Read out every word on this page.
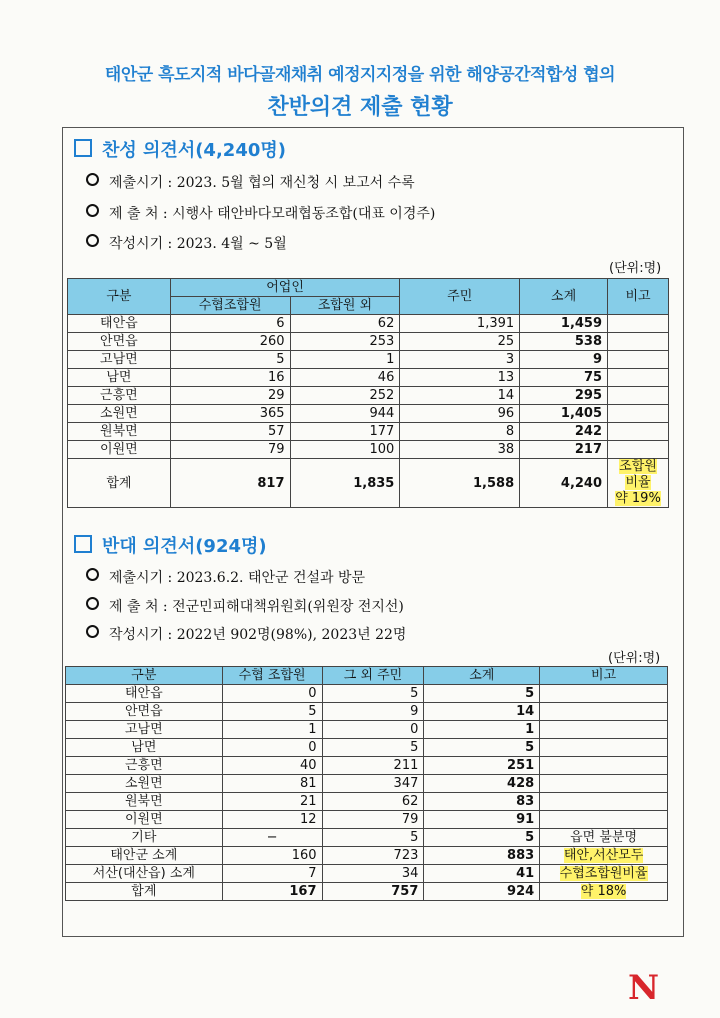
태안군 흑도지적 바다골재채취 예정지지정을 위한 해양공간적합성 협의
찬반의견 제출 현황
찬성 의견서(4,240명)
제출시기 : 2023. 5월 협의 재신청 시 보고서 수록
제 출 처 : 시행사 태안바다모래협동조합(대표 이경주)
작성시기 : 2023. 4월 ~ 5월
(단위:명)
구분	어업인		주민	소계	비고
	수협조합원	조합원 외			
태안읍	6	62	1,391	1,459	
안면읍	260	253	25	538	
고남면	5	1	3	9	
남면	16	46	13	75	
근흥면	29	252	14	295	
소원면	365	944	96	1,405	
원북면	57	177	8	242	
이원면	79	100	38	217	
합계	817	1,835	1,588	4,240	조합원비율
약 19%
반대 의견서(924명)
제출시기 : 2023.6.2. 태안군 건설과 방문
제 출 처 : 전군민피해대책위원회(위원장 전지선)
작성시기 : 2022년 902명(98%), 2023년 22명
(단위:명)
구분	수협 조합원	그 외 주민	소계	비고
태안읍	0	5	5	
안면읍	5	9	14	
고남면	1	0	1	
남면	0	5	5	
근흥면	40	211	251	
소원면	81	347	428	
원북면	21	62	83	
이원면	12	79	91	
기타	−	5	5	읍면 불분명
태안군 소계	160	723	883	태안,서산모두
서산(대산읍) 소계	7	34	41	수협조합원비율
합계	167	757	924	약 18%
N
